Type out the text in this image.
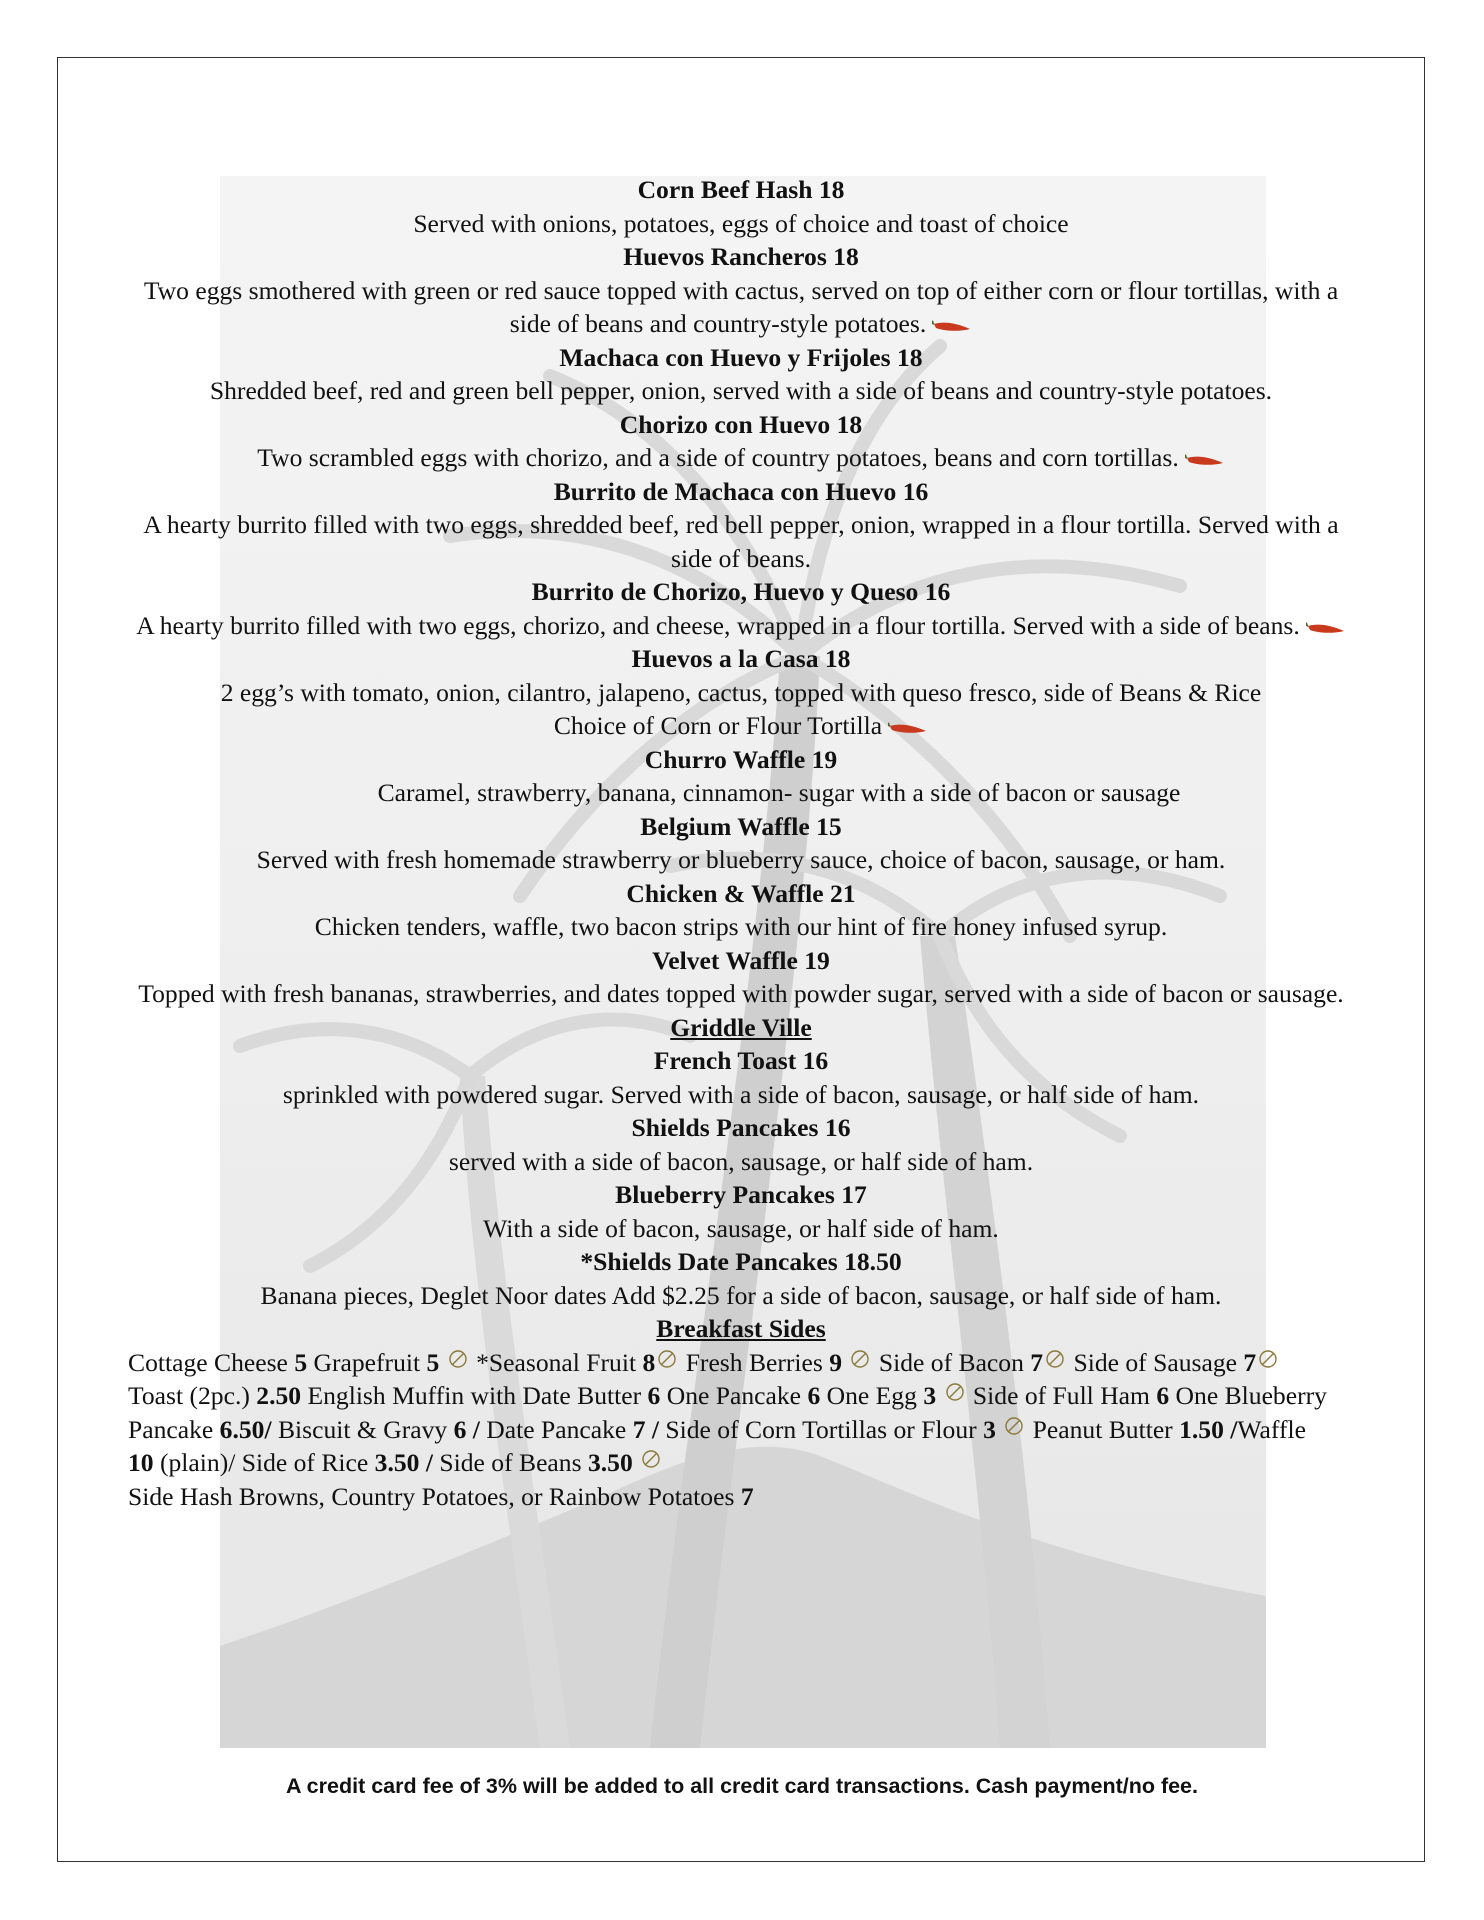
Corn Beef Hash 18
Served with onions, potatoes, eggs of choice and toast of choice
Huevos Rancheros 18
Two eggs smothered with green or red sauce topped with cactus, served on top of either corn or flour tortillas, with a side of beans and country-style potatoes.
Machaca con Huevo y Frijoles 18
Shredded beef, red and green bell pepper, onion, served with a side of beans and country-style potatoes.
Chorizo con Huevo 18
Two scrambled eggs with chorizo, and a side of country potatoes, beans and corn tortillas.
Burrito de Machaca con Huevo 16
A hearty burrito filled with two eggs, shredded beef, red bell pepper, onion, wrapped in a flour tortilla. Served with a side of beans.
Burrito de Chorizo, Huevo y Queso 16
A hearty burrito filled with two eggs, chorizo, and cheese, wrapped in a flour tortilla. Served with a side of beans.
Huevos a la Casa 18
2 egg’s with tomato, onion, cilantro, jalapeno, cactus, topped with queso fresco, side of Beans & Rice
Choice of Corn or Flour Tortilla
Churro Waffle 19
Caramel, strawberry, banana, cinnamon- sugar with a side of bacon or sausage
Belgium Waffle 15
Served with fresh homemade strawberry or blueberry sauce, choice of bacon, sausage, or ham.
Chicken & Waffle 21
Chicken tenders, waffle, two bacon strips with our hint of fire honey infused syrup.
Velvet Waffle 19
Topped with fresh bananas, strawberries, and dates topped with powder sugar, served with a side of bacon or sausage.
Griddle Ville
French Toast 16
sprinkled with powdered sugar. Served with a side of bacon, sausage, or half side of ham.
Shields Pancakes 16
served with a side of bacon, sausage, or half side of ham.
Blueberry Pancakes 17
With a side of bacon, sausage, or half side of ham.
*Shields Date Pancakes 18.50
Banana pieces, Deglet Noor dates Add $2.25 for a side of bacon, sausage, or half side of ham.
Breakfast Sides
Cottage Cheese 5 Grapefruit 5 *Seasonal Fruit 8 Fresh Berries 9 Side of Bacon 7 Side of Sausage 7 Toast (2pc.) 2.50 English Muffin with Date Butter 6 One Pancake 6 One Egg 3 Side of Full Ham 6 One Blueberry Pancake 6.50/ Biscuit & Gravy 6 / Date Pancake 7 / Side of Corn Tortillas or Flour 3 Peanut Butter 1.50 /Waffle 10 (plain)/ Side of Rice 3.50 / Side of Beans 3.50
Side Hash Browns, Country Potatoes, or Rainbow Potatoes 7
A credit card fee of 3% will be added to all credit card transactions. Cash payment/no fee.
